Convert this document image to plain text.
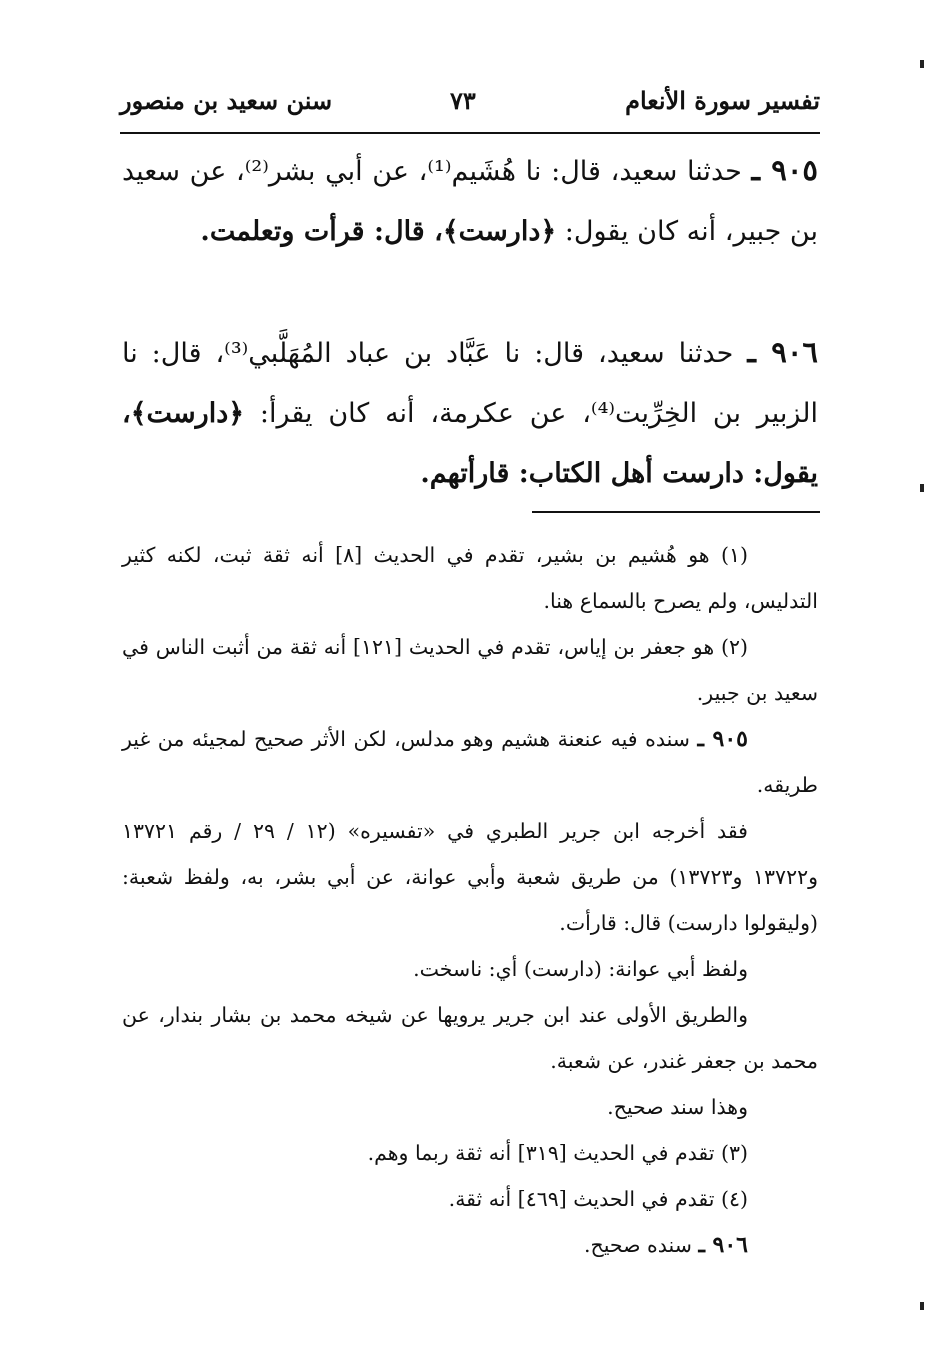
تفسير سورة الأنعام
٧٣
سنن سعيد بن منصور
٩٠٥ ـ حدثنا سعيد، قال: نا هُشَيم⁽¹⁾، عن أبي بشر⁽²⁾، عن سعيد بن جبير، أنه كان يقول: ﴿دارست﴾، قال: قرأت وتعلمت.
٩٠٦ ـ حدثنا سعيد، قال: نا عَبَّاد بن عباد المُهَلَّبي⁽³⁾، قال: نا الزبير بن الخِرِّيت⁽⁴⁾، عن عكرمة، أنه كان يقرأ: ﴿دارست﴾، يقول: دارست أهل الكتاب: قارأتهم.

(١) هو هُشيم بن بشير، تقدم في الحديث [٨] أنه ثقة ثبت، لكنه كثير التدليس، ولم يصرح بالسماع هنا.

(٢) هو جعفر بن إياس، تقدم في الحديث [١٢١] أنه ثقة من أثبت الناس في سعيد بن جبير.

٩٠٥ ـ سنده فيه عنعنة هشيم وهو مدلس، لكن الأثر صحيح لمجيئه من غير طريقه.

فقد أخرجه ابن جرير الطبري في «تفسيره» (١٢ / ٢٩ / رقم ١٣٧٢١ و١٣٧٢٢ و١٣٧٢٣) من طريق شعبة وأبي عوانة، عن أبي بشر، به، ولفظ شعبة: (وليقولوا دارست) قال: قارأت.

ولفظ أبي عوانة: (دارست) أي: ناسخت.

والطريق الأولى عند ابن جرير يرويها عن شيخه محمد بن بشار بندار، عن محمد بن جعفر غندر، عن شعبة.

وهذا سند صحيح.

(٣) تقدم في الحديث [٣١٩] أنه ثقة ربما وهم.

(٤) تقدم في الحديث [٤٦٩] أنه ثقة.

٩٠٦ ـ سنده صحيح.
